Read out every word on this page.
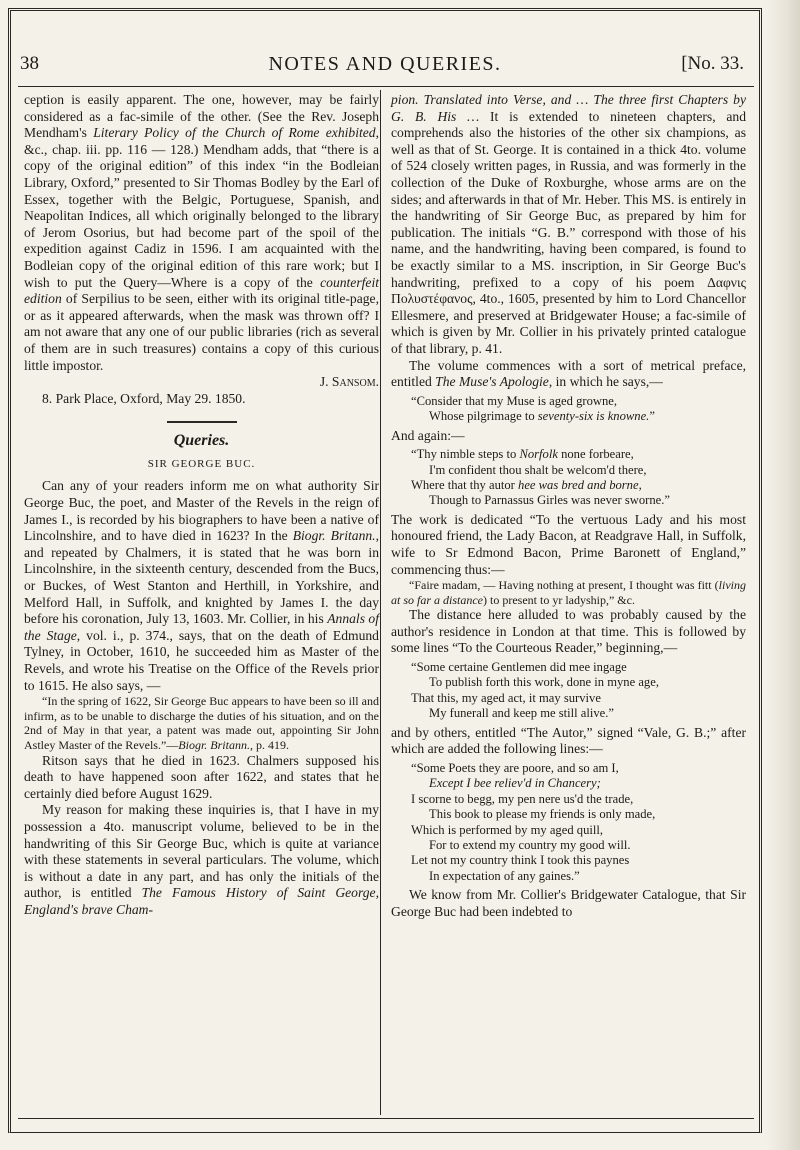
38	NOTES AND QUERIES.	[No. 33.

ception is easily apparent. The one, however, may be fairly considered as a fac-simile of the other. (See the Rev. Joseph Mendham's Literary Policy of the Church of Rome exhibited, &c., chap. iii. pp. 116 — 128.) Mendham adds, that “there is a copy of the original edition” of this index “in the Bodleian Library, Oxford,” presented to Sir Thomas Bodley by the Earl of Essex, together with the Belgic, Portuguese, Spanish, and Neapolitan Indices, all which originally belonged to the library of Jerom Osorius, but had become part of the spoil of the expedition against Cadiz in 1596. I am acquainted with the Bodleian copy of the original edition of this rare work; but I wish to put the Query—Where is a copy of the counterfeit edition of Serpilius to be seen, either with its original title-page, or as it appeared afterwards, when the mask was thrown off? I am not aware that any one of our public libraries (rich as several of them are in such treasures) contains a copy of this curious little impostor.

J. Sansom.

8. Park Place, Oxford, May 29. 1850.

Queries.
SIR GEORGE BUC.

Can any of your readers inform me on what authority Sir George Buc, the poet, and Master of the Revels in the reign of James I., is recorded by his biographers to have been a native of Lincolnshire, and to have died in 1623? In the Biogr. Britann., and repeated by Chalmers, it is stated that he was born in Lincolnshire, in the sixteenth century, descended from the Bucs, or Buckes, of West Stanton and Herthill, in Yorkshire, and Melford Hall, in Suffolk, and knighted by James I. the day before his coronation, July 13, 1603. Mr. Collier, in his Annals of the Stage, vol. i., p. 374., says, that on the death of Edmund Tylney, in October, 1610, he succeeded him as Master of the Revels, and wrote his Treatise on the Office of the Revels prior to 1615. He also says, —

“In the spring of 1622, Sir George Buc appears to have been so ill and infirm, as to be unable to discharge the duties of his situation, and on the 2nd of May in that year, a patent was made out, appointing Sir John Astley Master of the Revels.”—Biogr. Britann., p. 419.

Ritson says that he died in 1623. Chalmers supposed his death to have happened soon after 1622, and states that he certainly died before August 1629.

My reason for making these inquiries is, that I have in my possession a 4to. manuscript volume, believed to be in the handwriting of this Sir George Buc, which is quite at variance with these statements in several particulars. The volume, which is without a date in any part, and has only the initials of the author, is entitled The Famous History of Saint George, England's brave Cham-

pion. Translated into Verse, and … The three first Chapters by G. B. His … It is extended to nineteen chapters, and comprehends also the histories of the other six champions, as well as that of St. George. It is contained in a thick 4to. volume of 524 closely written pages, in Russia, and was formerly in the collection of the Duke of Roxburghe, whose arms are on the sides; and afterwards in that of Mr. Heber. This MS. is entirely in the handwriting of Sir George Buc, as prepared by him for publication. The initials “G. B.” correspond with those of his name, and the handwriting, having been compared, is found to be exactly similar to a MS. inscription, in Sir George Buc's handwriting, prefixed to a copy of his poem Δαφνις Πολυστέφανος, 4to., 1605, presented by him to Lord Chancellor Ellesmere, and preserved at Bridgewater House; a fac-simile of which is given by Mr. Collier in his privately printed catalogue of that library, p. 41.

The volume commences with a sort of metrical preface, entitled The Muse's Apologie, in which he says,—

“Consider that my Muse is aged growne,
Whose pilgrimage to seventy-six is knowne.”

And again:—

“Thy nimble steps to Norfolk none forbeare,
I'm confident thou shalt be welcom'd there,
Where that thy autor hee was bred and borne,
Though to Parnassus Girles was never sworne.”

The work is dedicated “To the vertuous Lady and his most honoured friend, the Lady Bacon, at Readgrave Hall, in Suffolk, wife to Sr Edmond Bacon, Prime Baronett of England,” commencing thus:—

“Faire madam, — Having nothing at present, I thought was fitt (living at so far a distance) to present to yr ladyship,” &c.

The distance here alluded to was probably caused by the author's residence in London at that time. This is followed by some lines “To the Courteous Reader,” beginning,—

“Some certaine Gentlemen did mee ingage
To publish forth this work, done in myne age,
That this, my aged act, it may survive
My funerall and keep me still alive.”

and by others, entitled “The Autor,” signed “Vale, G. B.;” after which are added the following lines:—

“Some Poets they are poore, and so am I,
Except I bee reliev'd in Chancery;
I scorne to begg, my pen nere us'd the trade,
This book to please my friends is only made,
Which is performed by my aged quill,
For to extend my country my good will.
Let not my country think I took this paynes
In expectation of any gaines.”

We know from Mr. Collier's Bridgewater Catalogue, that Sir George Buc had been indebted to
